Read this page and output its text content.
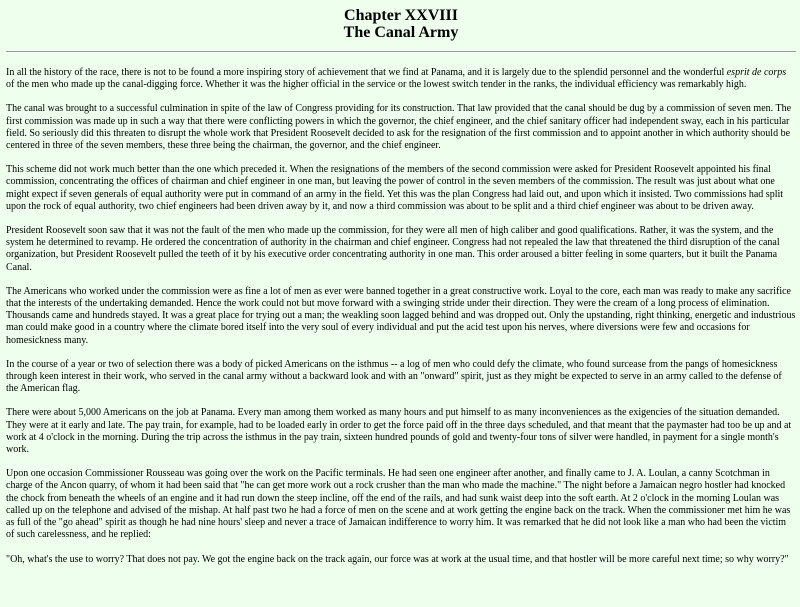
Chapter XXVIII
The Canal Army

In all the history of the race, there is not to be found a more inspiring story of achievement that we find at Panama, and it is largely due to the splendid personnel and the wonderful esprit de corps of the men who made up the canal-digging force. Whether it was the higher official in the service or the lowest switch tender in the ranks, the individual efficiency was remarkably high.

The canal was brought to a successful culmination in spite of the law of Congress providing for its construction. That law provided that the canal should be dug by a commission of seven men. The first commission was made up in such a way that there were conflicting powers in which the governor, the chief engineer, and the chief sanitary officer had independent sway, each in his particular field. So seriously did this threaten to disrupt the whole work that President Roosevelt decided to ask for the resignation of the first commission and to appoint another in which authority should be centered in three of the seven members, these three being the chairman, the governor, and the chief engineer.

This scheme did not work much better than the one which preceded it. When the resignations of the members of the second commission were asked for President Roosevelt appointed his final commission, concentrating the offices of chairman and chief engineer in one man, but leaving the power of control in the seven members of the commission. The result was just about what one might expect if seven generals of equal authority were put in command of an army in the field. Yet this was the plan Congress had laid out, and upon which it insisted. Two commissions had split upon the rock of equal authority, two chief engineers had been driven away by it, and now a third commission was about to be split and a third chief engineer was about to be driven away.

President Roosevelt soon saw that it was not the fault of the men who made up the commission, for they were all men of high caliber and good qualifications. Rather, it was the system, and the system he determined to revamp. He ordered the concentration of authority in the chairman and chief engineer. Congress had not repealed the law that threatened the third disruption of the canal organization, but President Roosevelt pulled the teeth of it by his executive order concentrating authority in one man. This order aroused a bitter feeling in some quarters, but it built the Panama Canal.

The Americans who worked under the commission were as fine a lot of men as ever were banned together in a great constructive work. Loyal to the core, each man was ready to make any sacrifice that the interests of the undertaking demanded. Hence the work could not but move forward with a swinging stride under their direction. They were the cream of a long process of elimination. Thousands came and hundreds stayed. It was a great place for trying out a man; the weakling soon lagged behind and was dropped out. Only the upstanding, right thinking, energetic and industrious man could make good in a country where the climate bored itself into the very soul of every individual and put the acid test upon his nerves, where diversions were few and occasions for homesickness many.

In the course of a year or two of selection there was a body of picked Americans on the isthmus -- a log of men who could defy the climate, who found surcease from the pangs of homesickness through keen interest in their work, who served in the canal army without a backward look and with an "onward" spirit, just as they might be expected to serve in an army called to the defense of the American flag.

There were about 5,000 Americans on the job at Panama. Every man among them worked as many hours and put himself to as many inconveniences as the exigencies of the situation demanded. They were at it early and late. The pay train, for example, had to be loaded early in order to get the force paid off in the three days scheduled, and that meant that the paymaster had too be up and at work at 4 o'clock in the morning. During the trip across the isthmus in the pay train, sixteen hundred pounds of gold and twenty-four tons of silver were handled, in payment for a single month's work.

Upon one occasion Commissioner Rousseau was going over the work on the Pacific terminals. He had seen one engineer after another, and finally came to J. A. Loulan, a canny Scotchman in charge of the Ancon quarry, of whom it had been said that "he can get more work out a rock crusher than the man who made the machine." The night before a Jamaican negro hostler had knocked the chock from beneath the wheels of an engine and it had run down the steep incline, off the end of the rails, and had sunk waist deep into the soft earth. At 2 o'clock in the morning Loulan was called up on the telephone and advised of the mishap. At half past two he had a force of men on the scene and at work getting the engine back on the track. When the commissioner met him he was as full of the "go ahead" spirit as though he had nine hours' sleep and never a trace of Jamaican indifference to worry him. It was remarked that he did not look like a man who had been the victim of such carelessness, and he replied:

"Oh, what's the use to worry? That does not pay. We got the engine back on the track again, our force was at work at the usual time, and that hostler will be more careful next time; so why worry?"
